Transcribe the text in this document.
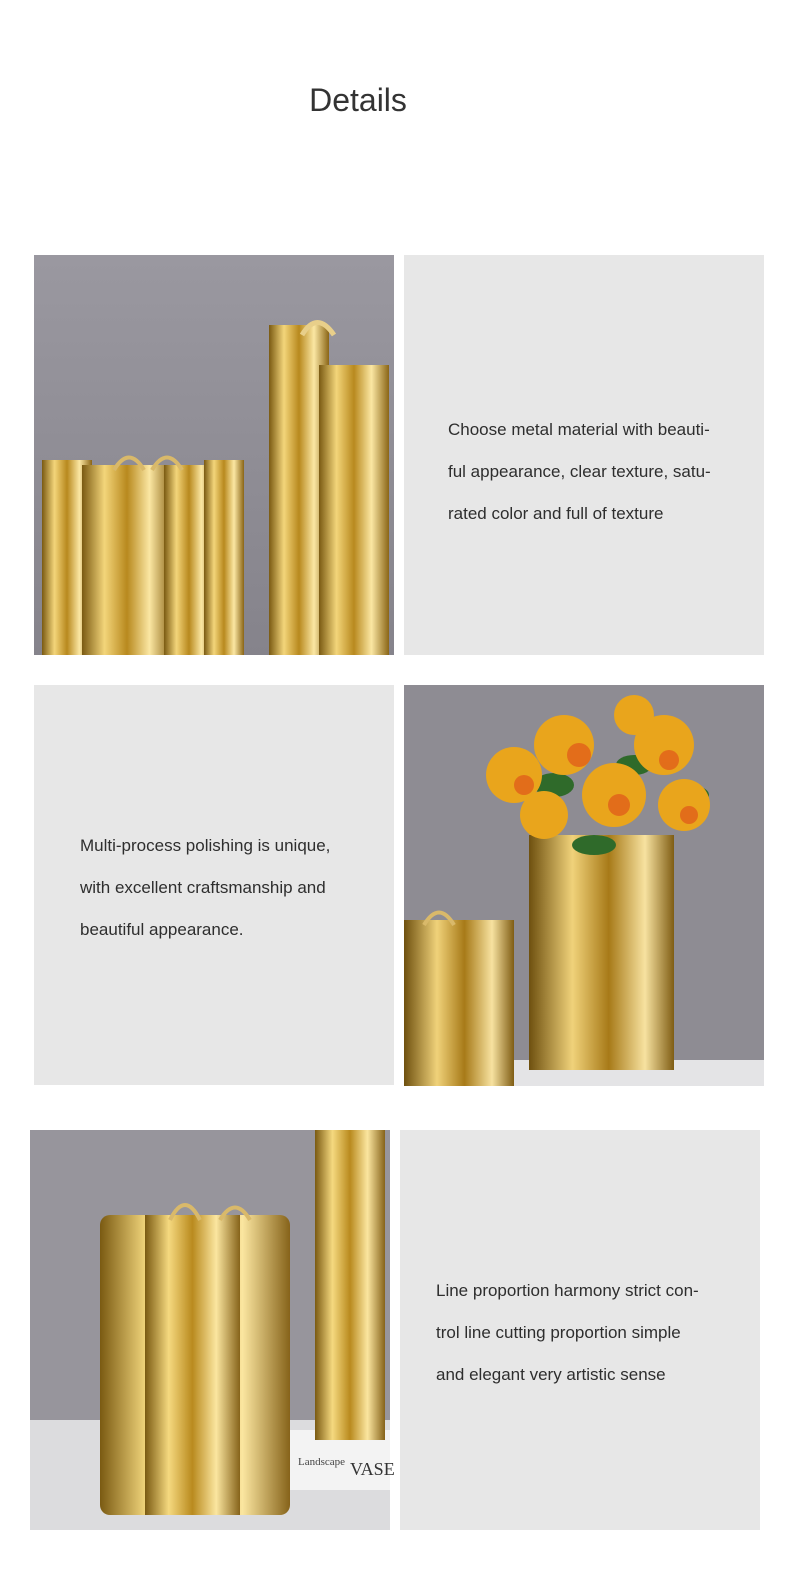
Details
Choose metal material with beauti-
ful appearance, clear texture, satu-
rated color and full of texture
Multi-process polishing is unique,
with excellent craftsmanship and
beautiful appearance.
Landscape VASE
Line proportion harmony strict con-
trol line cutting proportion simple
and elegant very artistic sense
